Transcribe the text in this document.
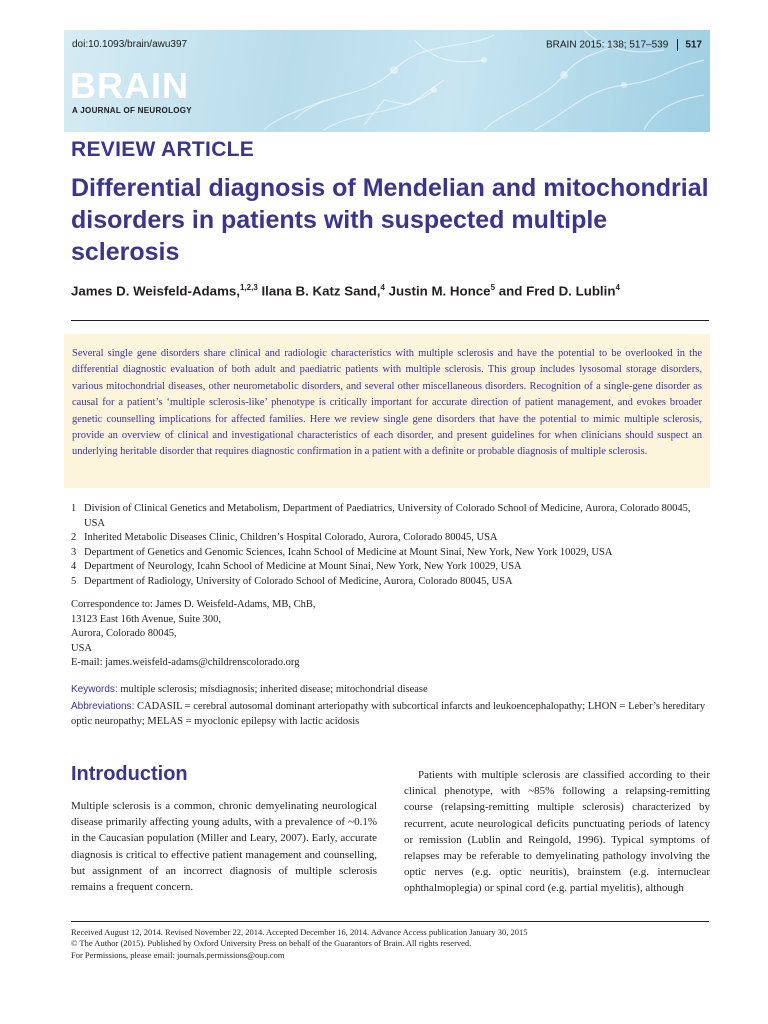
doi:10.1093/brain/awu397	BRAIN 2015: 138; 517–539 517
BRAIN
A JOURNAL OF NEUROLOGY
REVIEW ARTICLE
Differential diagnosis of Mendelian and mitochondrial disorders in patients with suspected multiple sclerosis
James D. Weisfeld-Adams,$^{1,2,3}$ Ilana B. Katz Sand,$^4$ Justin M. Honce$^5$ and Fred D. Lublin$^4$
Several single gene disorders share clinical and radiologic characteristics with multiple sclerosis and have the potential to be overlooked in the differential diagnostic evaluation of both adult and paediatric patients with multiple sclerosis. This group includes lysosomal storage disorders, various mitochondrial diseases, other neurometabolic disorders, and several other miscellaneous disorders. Recognition of a single-gene disorder as causal for a patient’s ‘multiple sclerosis-like’ phenotype is critically important for accurate direction of patient management, and evokes broader genetic counselling implications for affected families. Here we review single gene disorders that have the potential to mimic multiple sclerosis, provide an overview of clinical and investigational characteristics of each disorder, and present guidelines for when clinicians should suspect an underlying heritable disorder that requires diagnostic confirmation in a patient with a definite or probable diagnosis of multiple sclerosis.
1 Division of Clinical Genetics and Metabolism, Department of Paediatrics, University of Colorado School of Medicine, Aurora, Colorado 80045, USA
2 Inherited Metabolic Diseases Clinic, Children’s Hospital Colorado, Aurora, Colorado 80045, USA
3 Department of Genetics and Genomic Sciences, Icahn School of Medicine at Mount Sinai, New York, New York 10029, USA
4 Department of Neurology, Icahn School of Medicine at Mount Sinai, New York, New York 10029, USA
5 Department of Radiology, University of Colorado School of Medicine, Aurora, Colorado 80045, USA
Correspondence to: James D. Weisfeld-Adams, MB, ChB,
13123 East 16th Avenue, Suite 300,
Aurora, Colorado 80045,
USA
E-mail: james.weisfeld-adams@childrenscolorado.org
Keywords: multiple sclerosis; misdiagnosis; inherited disease; mitochondrial disease
Abbreviations: CADASIL = cerebral autosomal dominant arteriopathy with subcortical infarcts and leukoencephalopathy; LHON = Leber’s hereditary optic neuropathy; MELAS = myoclonic epilepsy with lactic acidosis
Introduction
Multiple sclerosis is a common, chronic demyelinating neurological disease primarily affecting young adults, with a prevalence of ~0.1% in the Caucasian population (Miller and Leary, 2007). Early, accurate diagnosis is critical to effective patient management and counselling, but assignment of an incorrect diagnosis of multiple sclerosis remains a frequent concern.
Patients with multiple sclerosis are classified according to their clinical phenotype, with ~85% following a relapsing-remitting course (relapsing-remitting multiple sclerosis) characterized by recurrent, acute neurological deficits punctuating periods of latency or remission (Lublin and Reingold, 1996). Typical symptoms of relapses may be referable to demyelinating pathology involving the optic nerves (e.g. optic neuritis), brainstem (e.g. internuclear ophthalmoplegia) or spinal cord (e.g. partial myelitis), although
Received August 12, 2014. Revised November 22, 2014. Accepted December 16, 2014. Advance Access publication January 30, 2015
© The Author (2015). Published by Oxford University Press on behalf of the Guarantors of Brain. All rights reserved.
For Permissions, please email: journals.permissions@oup.com
